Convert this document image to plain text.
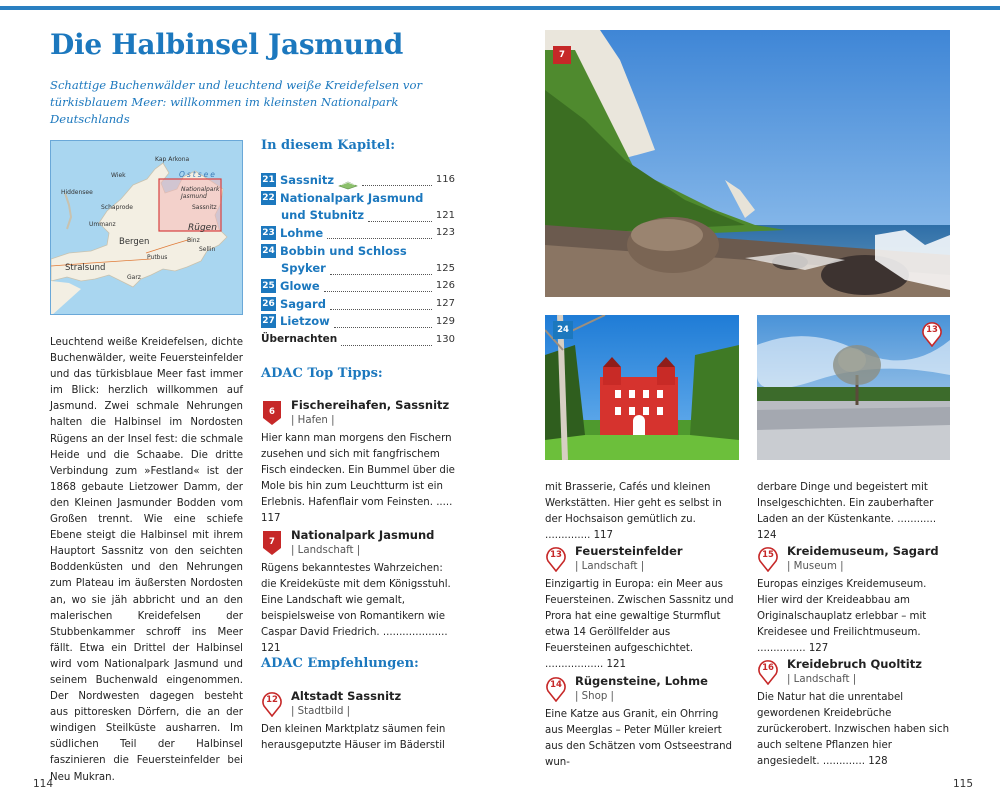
Die Halbinsel Jasmund

Schattige Buchenwälder und leuchtend weiße Kreidefelsen vor türkisblauem Meer: willkommen im kleinsten Nationalpark Deutschlands

Kap Arkona
Ostsee
Wiek
Nationalpark Jasmund
Hiddensee
Sassnitz
Schaprode
Ummanz	Rügen
Bergen	Binz
Sellin
Putbus
Stralsund
Garz

Leuchtend weiße Kreidefelsen, dichte Buchenwälder, weite Feuersteinfelder und das türkisblaue Meer fast immer im Blick: herzlich willkommen auf Jasmund. Zwei schmale Nehrungen halten die Halbinsel im Nordosten Rügens an der Insel fest: die schmale Heide und die Schaabe. Die dritte Verbindung zum »Festland« ist der 1868 gebaute Lietzower Damm, der den Kleinen Jasmunder Bodden vom Großen trennt. Wie eine schiefe Ebene steigt die Halbinsel mit ihrem Hauptort Sassnitz von den seichten Boddenküsten und den Nehrungen zum Plateau im äußersten Nordosten an, wo sie jäh abbricht und an den malerischen Kreidefelsen der Stubbenkammer schroff ins Meer fällt. Etwa ein Drittel der Halbinsel wird vom Nationalpark Jasmund und seinem Buchenwald eingenommen. Der Nordwesten dagegen besteht aus pittoresken Dörfern, die an der windigen Steilküste ausharren. Im südlichen Teil der Halbinsel faszinieren die Feuersteinfelder bei Neu Mukran.

In diesem Kapitel:
21 Sassnitz	116
22 Nationalpark Jasmund
und Stubnitz	121
23 Lohme	123
24 Bobbin und Schloss
Spyker	125
25 Glowe	126
26 Sagard	127
27 Lietzow	129
Übernachten	130
ADAC Top Tipps:
6	Fischereihafen, Sassnitz
| Hafen |

Hier kann man morgens den Fischern zusehen und sich mit fangfrischem Fisch eindecken. Ein Bummel über die Mole bis hin zum Leuchtturm ist ein Erlebnis. Hafenflair vom Feinsten. ..... 117

7	Nationalpark Jasmund
| Landschaft |

Rügens bekanntestes Wahrzeichen: die Kreideküste mit dem Königsstuhl. Eine Landschaft wie gemalt, beispielsweise von Romantikern wie Caspar David Friedrich. .................... 121

ADAC Empfehlungen:
12	Altstadt Sassnitz
| Stadtbild |

Den kleinen Marktplatz säumen fein herausgeputzte Häuser im Bäderstil

7
24	13

mit Brasserie, Cafés und kleinen Werkstätten. Hier geht es selbst in der Hochsaison gemütlich zu. .............. 117

13	Feuersteinfelder
| Landschaft |

Einzigartig in Europa: ein Meer aus Feuersteinen. Zwischen Sassnitz und Prora hat eine gewaltige Sturmflut etwa 14 Geröllfelder aus Feuersteinen aufgeschichtet. .................. 121

14	Rügensteine, Lohme
| Shop |

Eine Katze aus Granit, ein Ohrring aus Meerglas – Peter Müller kreiert aus den Schätzen vom Ostseestrand wun-

derbare Dinge und begeistert mit Inselgeschichten. Ein zauberhafter Laden an der Küstenkante. ............ 124

15	Kreidemuseum, Sagard
| Museum |

Europas einziges Kreidemuseum. Hier wird der Kreideabbau am Originalschauplatz erlebbar – mit Kreidesee und Freilichtmuseum. ............... 127

16	Kreidebruch Quoltitz
| Landschaft |

Die Natur hat die unrentabel gewordenen Kreidebrüche zurückerobert. Inzwischen haben sich auch seltene Pflanzen hier angesiedelt. ............. 128

114	115
